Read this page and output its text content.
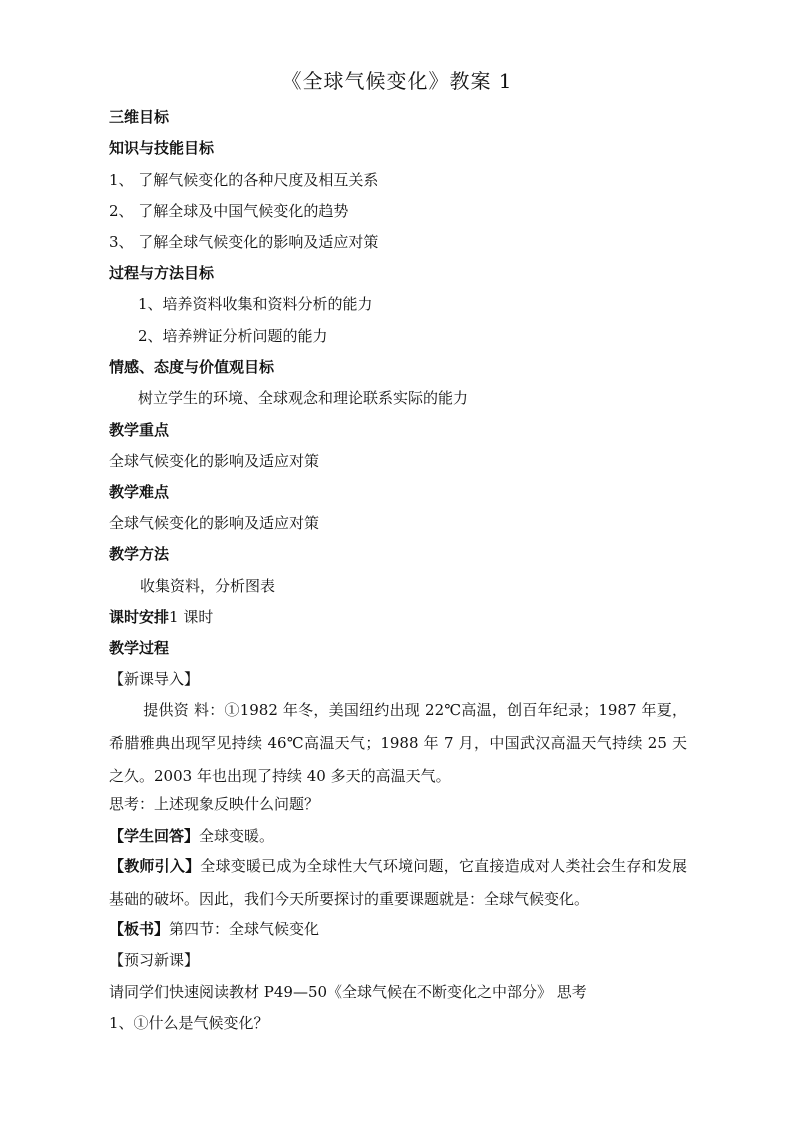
《全球气候变化》教案 1
三维目标
知识与技能目标
1、 了解气候变化的各种尺度及相互关系
2、 了解全球及中国气候变化的趋势
3、 了解全球气候变化的影响及适应对策
过程与方法目标
1、培养资料收集和资料分析的能力
2、培养辨证分析问题的能力
情感、态度与价值观目标
树立学生的环境、全球观念和理论联系实际的能力
教学重点
全球气候变化的影响及适应对策
教学难点
全球气候变化的影响及适应对策
教学方法
收集资料，分析图表
课时安排1 课时
教学过程
【新课导入】
提供资 料：①1982 年冬，美国纽约出现 22℃高温，创百年纪录；1987 年夏，希腊雅典出现罕见持续 46℃高温天气；1988 年 7 月，中国武汉高温天气持续 25 天之久。2003 年也出现了持续 40 多天的高温天气。
思考：上述现象反映什么问题？
【学生回答】全球变暖。
【教师引入】全球变暖已成为全球性大气环境问题，它直接造成对人类社会生存和发展基础的破坏。因此，我们今天所要探讨的重要课题就是：全球气候变化。
【板书】第四节：全球气候变化
【预习新课】
请同学们快速阅读教材 P49—50《全球气候在不断变化之中部分》 思考
1、①什么是气候变化？
